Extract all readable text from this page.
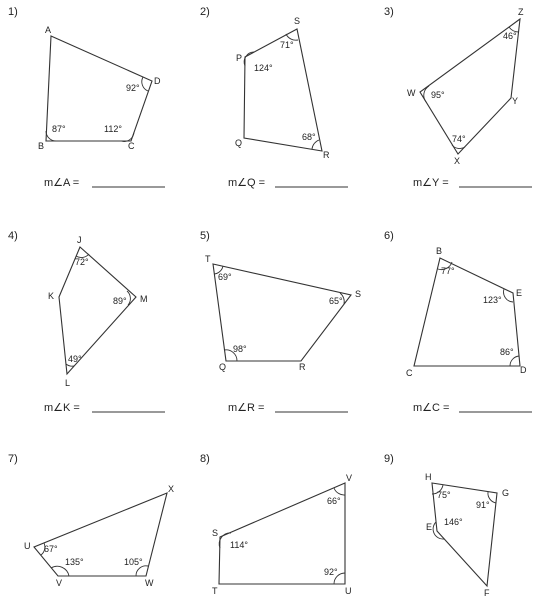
1)
A
D
B	C
92°
87°	112°
m∠A =
2)
S
P
Q
R
71°
124°
68°
m∠Q =
3)	Z
W
Y
X
46°
95°
74°
m∠Y =
4)	J
K	M
L
72°
89°
49°
m∠K =
5)
T
S
Q	R
69°
65°
98°
m∠R =
6)
B
E
C	D
77°
123°
86°
m∠C =
7)
X
U
V	W
67°
135°	105°
8)
V
S
T	U
66°
114°
92°
9)
H
G
E
F
75°
91°
146°
